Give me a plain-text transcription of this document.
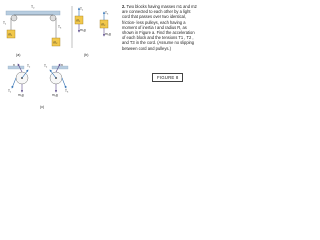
m₁
m₂
T₂
T₁
T₃
(a)
m₁
T₁
m₁g
m₂
T₃
m₂g
(b)
T₂
T₁
m₁g
n	T₂
T₃
m₂g
n
(c)
2. Two blocks having masses m1 and m2 are connected to each other by a light cord that passes over two identical, friction- less pulleys, each having a moment of inertia I and radius R, as shown in Figure a. Find the acceleration of each block and the tensions T1 , T2 , and T3 in the cord. (Assume no slipping between cord and pulleys.)
FIGURE 8
